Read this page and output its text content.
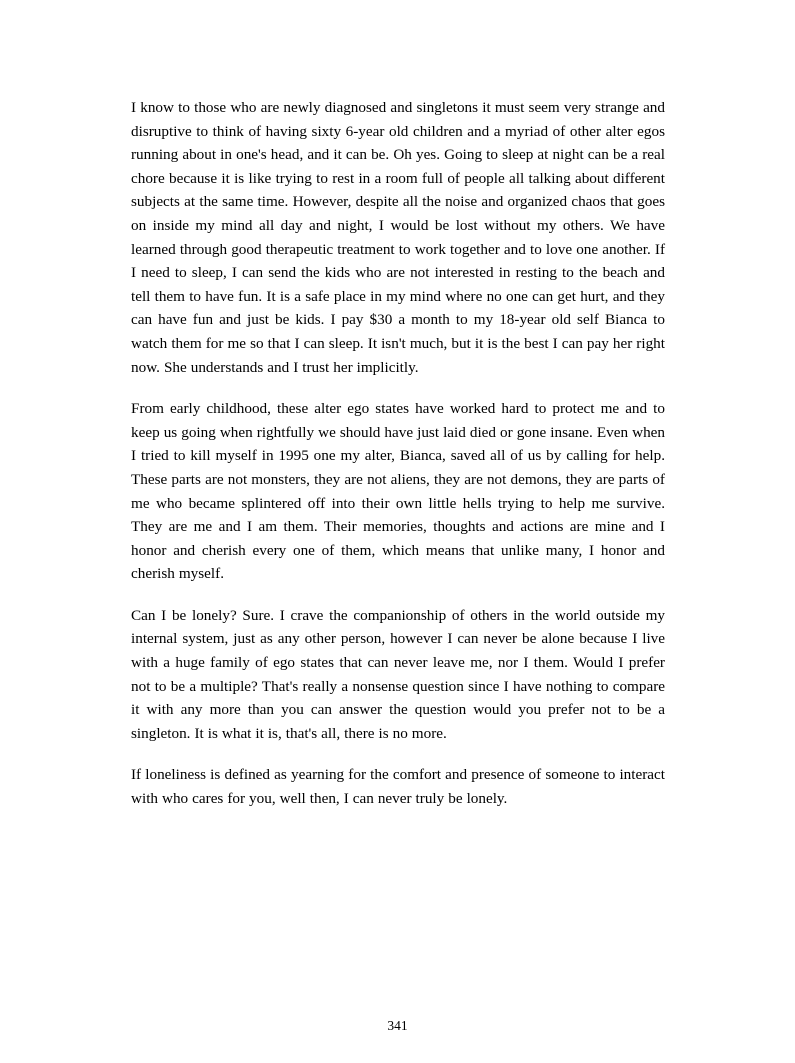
I know to those who are newly diagnosed and singletons it must seem very strange and disruptive to think of having sixty 6-year old children and a myriad of other alter egos running about in one's head, and it can be. Oh yes. Going to sleep at night can be a real chore because it is like trying to rest in a room full of people all talking about different subjects at the same time. However, despite all the noise and organized chaos that goes on inside my mind all day and night, I would be lost without my others. We have learned through good therapeutic treatment to work together and to love one another. If I need to sleep, I can send the kids who are not interested in resting to the beach and tell them to have fun. It is a safe place in my mind where no one can get hurt, and they can have fun and just be kids. I pay $30 a month to my 18-year old self Bianca to watch them for me so that I can sleep. It isn't much, but it is the best I can pay her right now. She understands and I trust her implicitly.

From early childhood, these alter ego states have worked hard to protect me and to keep us going when rightfully we should have just laid died or gone insane. Even when I tried to kill myself in 1995 one my alter, Bianca, saved all of us by calling for help. These parts are not monsters, they are not aliens, they are not demons, they are parts of me who became splintered off into their own little hells trying to help me survive. They are me and I am them. Their memories, thoughts and actions are mine and I honor and cherish every one of them, which means that unlike many, I honor and cherish myself.

Can I be lonely? Sure. I crave the companionship of others in the world outside my internal system, just as any other person, however I can never be alone because I live with a huge family of ego states that can never leave me, nor I them. Would I prefer not to be a multiple? That's really a nonsense question since I have nothing to compare it with any more than you can answer the question would you prefer not to be a singleton. It is what it is, that's all, there is no more.

If loneliness is defined as yearning for the comfort and presence of someone to interact with who cares for you, well then, I can never truly be lonely.

341
